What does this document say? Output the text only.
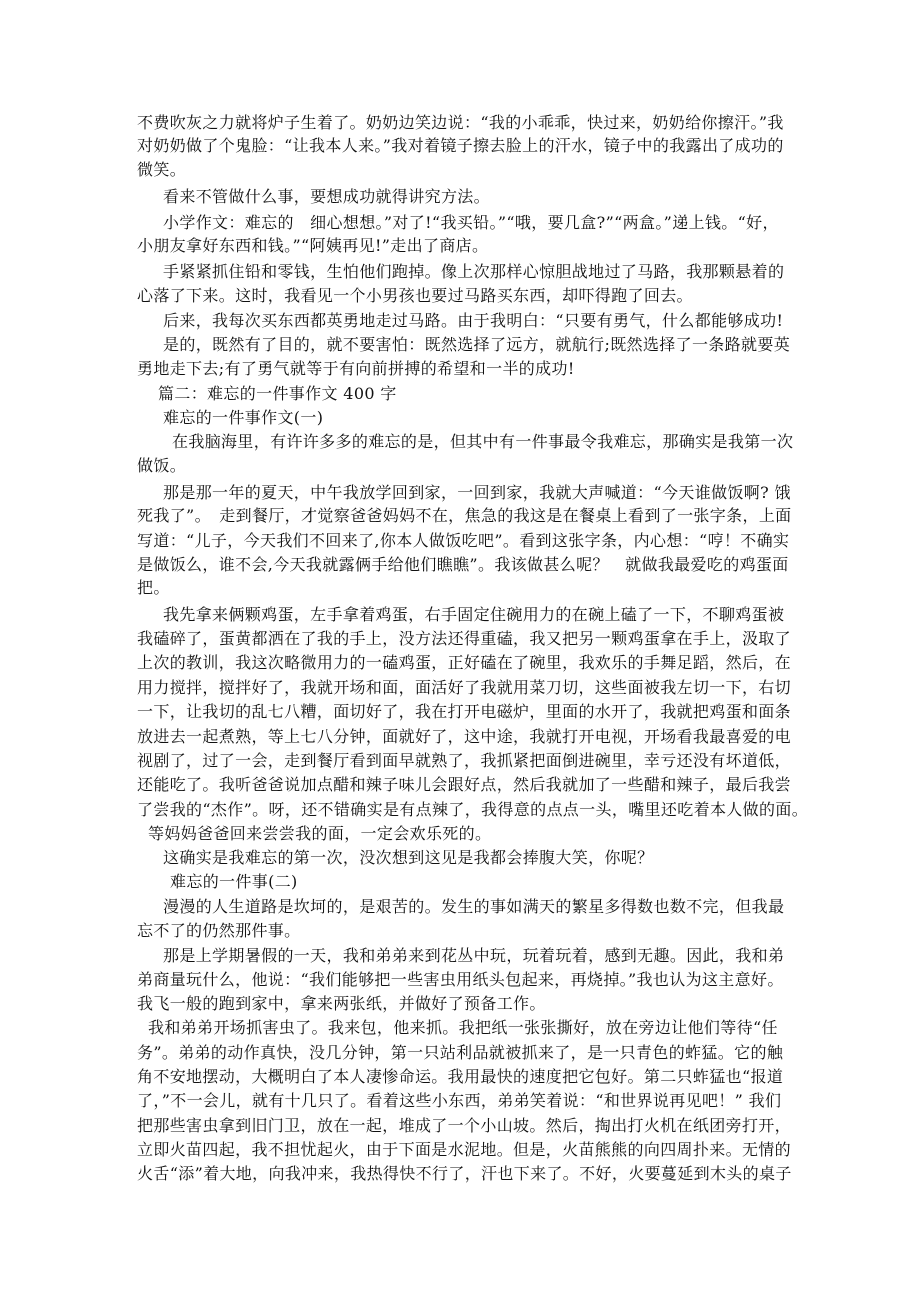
不费吹灰之力就将炉子生着了。奶奶边笑边说：“我的小乖乖，快过来，奶奶给你擦汗。”我
对奶奶做了个鬼脸：“让我本人来。”我对着镜子擦去脸上的汗水，镜子中的我露出了成功的
微笑。
看来不管做什么事，要想成功就得讲究方法。
小学作文：难忘的　细心想想。”对了!“我买铅。”“哦，要几盒?”“两盒。”递上钱。“好，
小朋友拿好东西和钱。”“阿姨再见!”走出了商店。
手紧紧抓住铅和零钱，生怕他们跑掉。像上次那样心惊胆战地过了马路，我那颗悬着的
心落了下来。这时，我看见一个小男孩也要过马路买东西，却吓得跑了回去。
后来，我每次买东西都英勇地走过马路。由于我明白：“只要有勇气，什么都能够成功!
是的，既然有了目的，就不要害怕：既然选择了远方，就航行;既然选择了一条路就要英
勇地走下去;有了勇气就等于有向前拼搏的希望和一半的成功!
篇二：难忘的一件事作文 400 字
难忘的一件事作文(一)
在我脑海里，有许许多多的难忘的是，但其中有一件事最令我难忘，那确实是我第一次
做饭。
那是那一年的夏天，中午我放学回到家，一回到家，我就大声喊道：“今天谁做饭啊? 饿
死我了”。　走到餐厅，才觉察爸爸妈妈不在，焦急的我这是在餐桌上看到了一张字条，上面
写道：“儿子，今天我们不回来了,你本人做饭吃吧”。看到这张字条，内心想：“哼！不确实
是做饭么，谁不会,今天我就露俩手给他们瞧瞧”。我该做甚么呢？　就做我最爱吃的鸡蛋面
把。
我先拿来俩颗鸡蛋，左手拿着鸡蛋，右手固定住碗用力的在碗上磕了一下，不聊鸡蛋被
我磕碎了，蛋黄都洒在了我的手上，没方法还得重磕，我又把另一颗鸡蛋拿在手上，汲取了
上次的教训，我这次略微用力的一磕鸡蛋，正好磕在了碗里，我欢乐的手舞足蹈，然后，在
用力搅拌，搅拌好了，我就开场和面，面活好了我就用菜刀切，这些面被我左切一下，右切
一下，让我切的乱七八糟，面切好了，我在打开电磁炉，里面的水开了，我就把鸡蛋和面条
放进去一起煮熟，等上七八分钟，面就好了，这中途，我就打开电视，开场看我最喜爱的电
视剧了，过了一会，走到餐厅看到面早就熟了，我抓紧把面倒进碗里，幸亏还没有坏道低，
还能吃了。我听爸爸说加点醋和辣子味儿会跟好点，然后我就加了一些醋和辣子，最后我尝
了尝我的“杰作”。呀，还不错确实是有点辣了，我得意的点点一头，嘴里还吃着本人做的面。
等妈妈爸爸回来尝尝我的面，一定会欢乐死的。
这确实是我难忘的第一次，没次想到这见是我都会捧腹大笑，你呢？
难忘的一件事(二)
漫漫的人生道路是坎坷的，是艰苦的。发生的事如满天的繁星多得数也数不完，但我最
忘不了的仍然那件事。
那是上学期暑假的一天，我和弟弟来到花丛中玩，玩着玩着，感到无趣。因此，我和弟
弟商量玩什么，他说：“我们能够把一些害虫用纸头包起来，再烧掉。”我也认为这主意好。
我飞一般的跑到家中，拿来两张纸，并做好了预备工作。
我和弟弟开场抓害虫了。我来包，他来抓。我把纸一张张撕好，放在旁边让他们等待“任
务”。弟弟的动作真快，没几分钟，第一只站利品就被抓来了，是一只青色的蚱猛。它的触
角不安地摆动，大概明白了本人凄惨命运。我用最快的速度把它包好。第二只蚱猛也“报道
了，”不一会儿，就有十几只了。看着这些小东西，弟弟笑着说：“和世界说再见吧！” 我们
把那些害虫拿到旧门卫，放在一起，堆成了一个小山坡。然后，掏出打火机在纸团旁打开，
立即火苗四起，我不担忧起火，由于下面是水泥地。但是，火苗熊熊的向四周扑来。无情的
火舌“添”着大地，向我冲来，我热得快不行了，汗也下来了。不好，火要蔓延到木头的桌子
